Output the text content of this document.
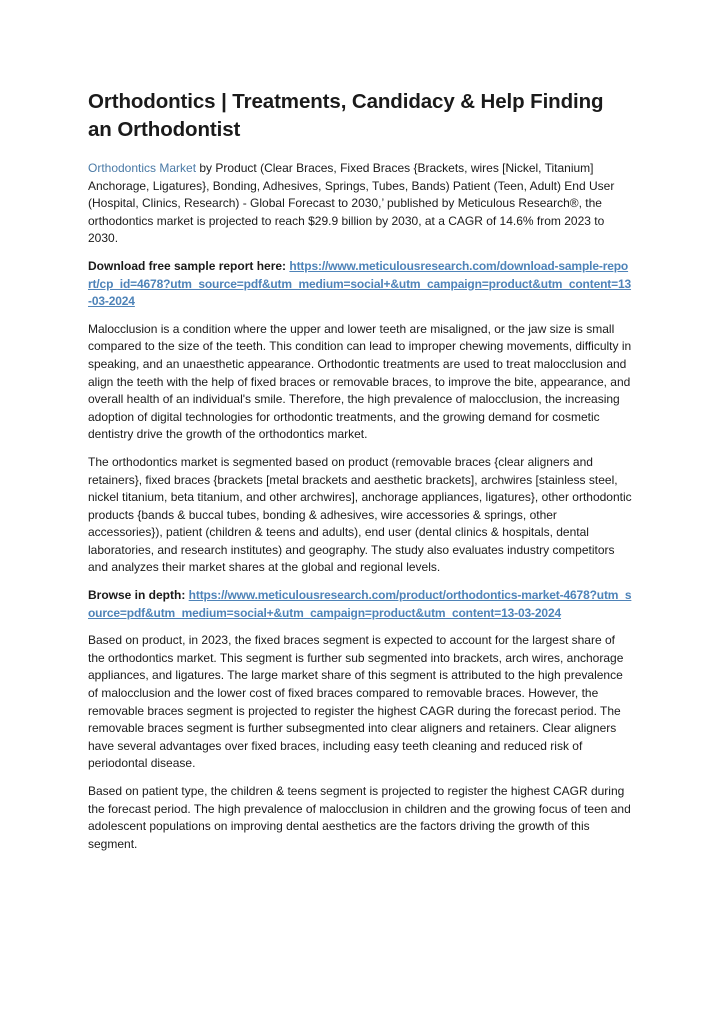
Orthodontics | Treatments, Candidacy & Help Finding an Orthodontist

Orthodontics Market by Product (Clear Braces, Fixed Braces {Brackets, wires [Nickel, Titanium] Anchorage, Ligatures}, Bonding, Adhesives, Springs, Tubes, Bands) Patient (Teen, Adult) End User (Hospital, Clinics, Research) - Global Forecast to 2030,’ published by Meticulous Research®, the orthodontics market is projected to reach $29.9 billion by 2030, at a CAGR of 14.6% from 2023 to 2030.

Download free sample report here: https://www.meticulousresearch.com/download-sample-report/cp_id=4678?utm_source=pdf&utm_medium=social+&utm_campaign=product&utm_content=13-03-2024

Malocclusion is a condition where the upper and lower teeth are misaligned, or the jaw size is small compared to the size of the teeth. This condition can lead to improper chewing movements, difficulty in speaking, and an unaesthetic appearance. Orthodontic treatments are used to treat malocclusion and align the teeth with the help of fixed braces or removable braces, to improve the bite, appearance, and overall health of an individual's smile. Therefore, the high prevalence of malocclusion, the increasing adoption of digital technologies for orthodontic treatments, and the growing demand for cosmetic dentistry drive the growth of the orthodontics market.

The orthodontics market is segmented based on product (removable braces {clear aligners and retainers}, fixed braces {brackets [metal brackets and aesthetic brackets], archwires [stainless steel, nickel titanium, beta titanium, and other archwires], anchorage appliances, ligatures}, other orthodontic products {bands & buccal tubes, bonding & adhesives, wire accessories & springs, other accessories}), patient (children & teens and adults), end user (dental clinics & hospitals, dental laboratories, and research institutes) and geography. The study also evaluates industry competitors and analyzes their market shares at the global and regional levels.

Browse in depth: https://www.meticulousresearch.com/product/orthodontics-market-4678?utm_source=pdf&utm_medium=social+&utm_campaign=product&utm_content=13-03-2024

Based on product, in 2023, the fixed braces segment is expected to account for the largest share of the orthodontics market. This segment is further sub segmented into brackets, arch wires, anchorage appliances, and ligatures. The large market share of this segment is attributed to the high prevalence of malocclusion and the lower cost of fixed braces compared to removable braces. However, the removable braces segment is projected to register the highest CAGR during the forecast period. The removable braces segment is further subsegmented into clear aligners and retainers. Clear aligners have several advantages over fixed braces, including easy teeth cleaning and reduced risk of periodontal disease.

Based on patient type, the children & teens segment is projected to register the highest CAGR during the forecast period. The high prevalence of malocclusion in children and the growing focus of teen and adolescent populations on improving dental aesthetics are the factors driving the growth of this segment.
